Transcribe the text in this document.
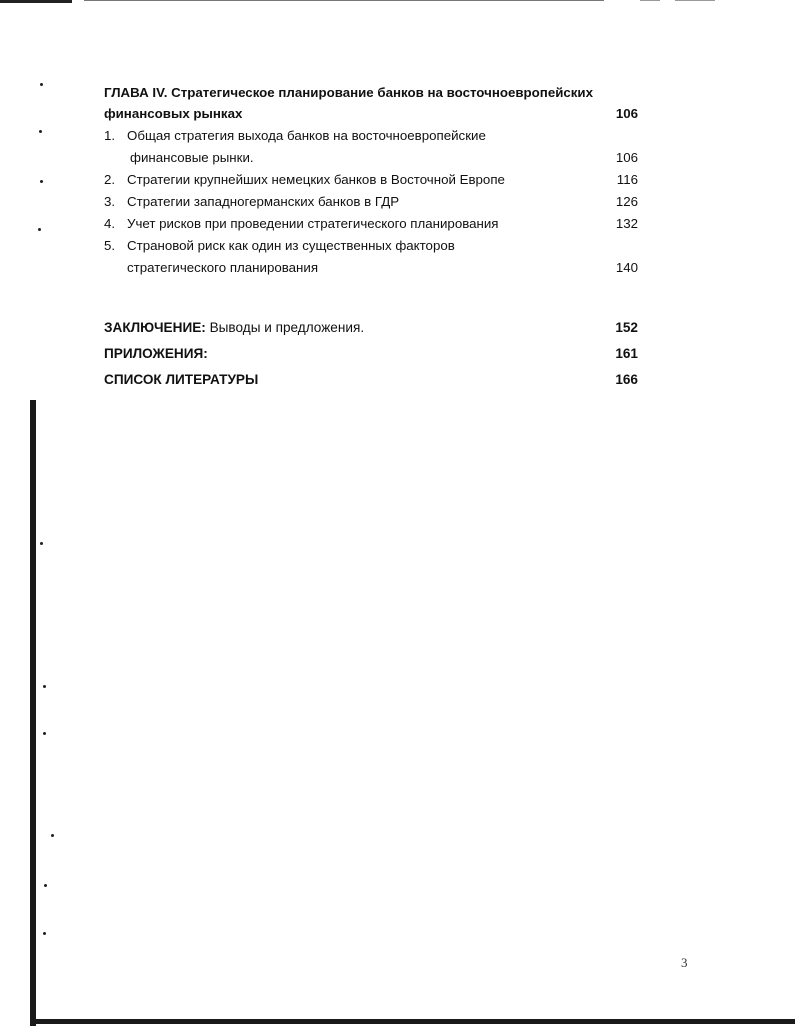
ГЛАВА IV. Стратегическое планирование банков на восточноевропейских
финансовых рынках	106
1. Общая стратегия выхода банков на восточноевропейские
финансовые рынки.	106
2. Стратегии крупнейших немецких банков в Восточной Европе	116
3. Стратегии западногерманских банков в ГДР	126
4. Учет рисков при проведении стратегического планирования	132
5. Страновой риск как один из существенных факторов
стратегического планирования	140
ЗАКЛЮЧЕНИЕ: Выводы и предложения.	152
ПРИЛОЖЕНИЯ:	161
СПИСОК ЛИТЕРАТУРЫ	166
3
